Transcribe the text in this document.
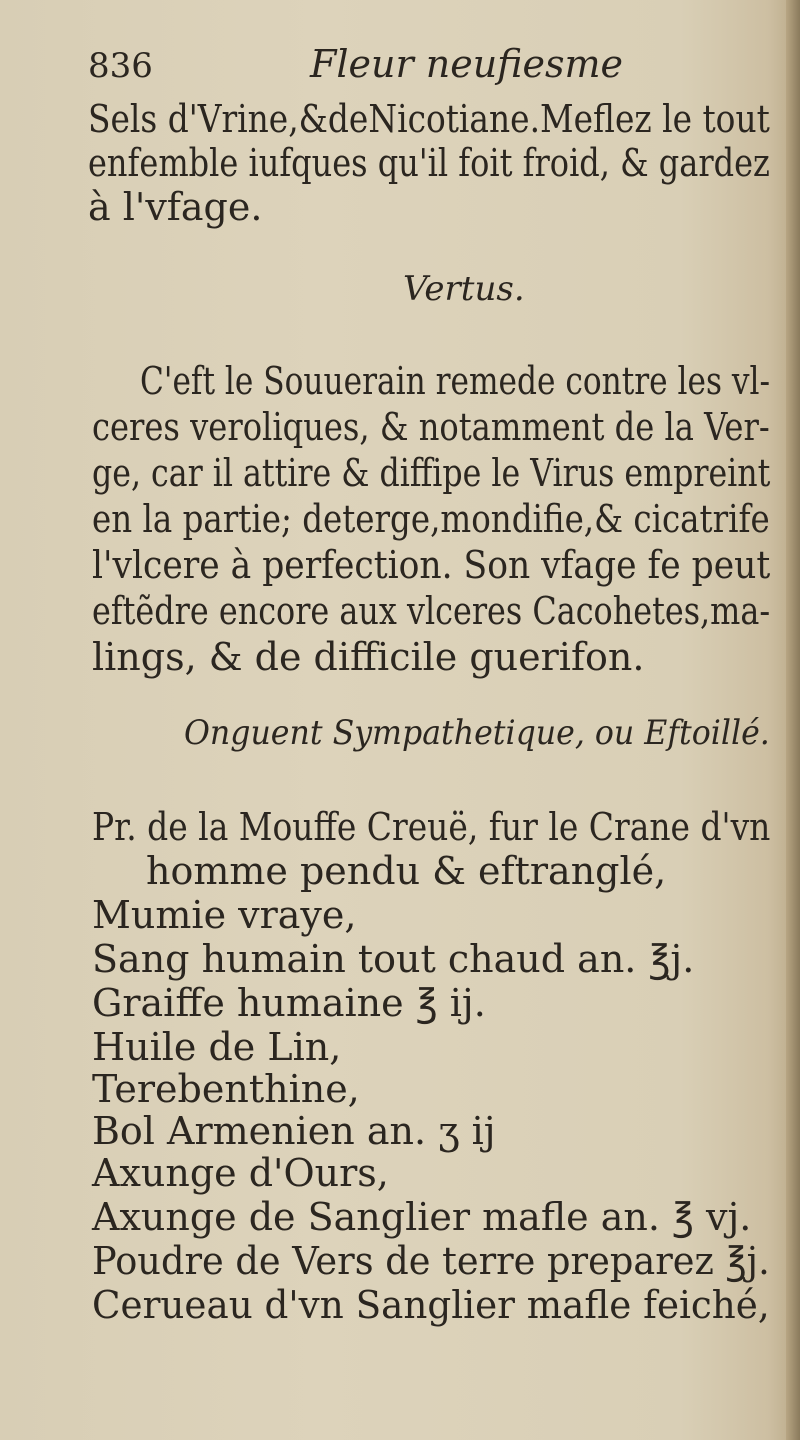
836	Fleur neufiesme
Sels d'Vrine,&deNicotiane.Meflez le tout
enfemble iufques qu'il foit froid, & gardez
à l'vfage.
Vertus.
C'eft le Souuerain remede contre les vl-
ceres veroliques, & notamment de la Ver-
ge, car il attire & diffipe le Virus empreint
en la partie; deterge,mondifie,& cicatrife
l'vlcere à perfection. Son vfage fe peut
eftẽdre encore aux vlceres Cacohetes,ma-
lings, & de difficile guerifon.
Onguent Sympathetique, ou Eftoillé.
Pr. de la Mouffe Creuë, fur le Crane d'vn
homme pendu & eftranglé,
Mumie vraye,
Sang humain tout chaud an. ℥j.
Graiffe humaine ℥ ij.
Huile de Lin,
Terebenthine,
Bol Armenien an. ʒ ij
Axunge d'Ours,
Axunge de Sanglier mafle an. ℥ vj.
Poudre de Vers de terre preparez ℥j.
Cerueau d'vn Sanglier mafle feiché,
